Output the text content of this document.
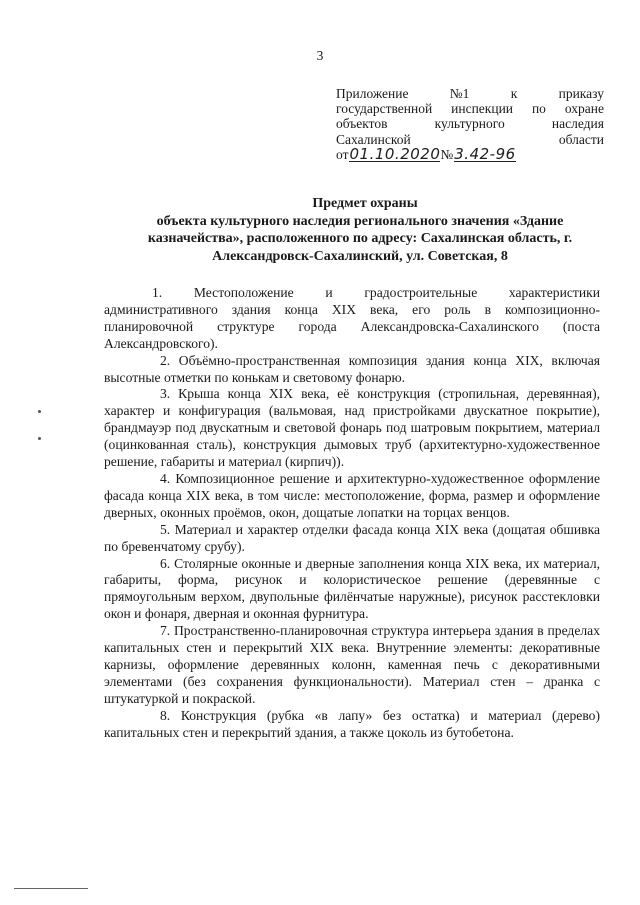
3
Приложение	№1	к	приказу
государственной инспекции по охране
объектов	культурного	наследия
Сахалинской	области
от 01.10.2020 № 3.42-96
Предмет охраны
объекта культурного наследия регионального значения «Здание
казначейства», расположенного по адресу: Сахалинская область, г.
Александровск-Сахалинский, ул. Советская, 8

1. Местоположение и градостроительные характеристики административного здания конца XIX века, его роль в композиционно-планировочной структуре города Александровска-Сахалинского (поста Александровского).

2. Объёмно-пространственная композиция здания конца XIX, включая высотные отметки по конькам и световому фонарю.

3. Крыша конца XIX века, её конструкция (стропильная, деревянная), характер и конфигурация (вальмовая, над пристройками двускатное покрытие), брандмауэр под двускатным и световой фонарь под шатровым покрытием, материал (оцинкованная сталь), конструкция дымовых труб (архитектурно-художественное решение, габариты и материал (кирпич)).

4. Композиционное решение и архитектурно-художественное оформление фасада конца XIX века, в том числе: местоположение, форма, размер и оформление дверных, оконных проёмов, окон, дощатые лопатки на торцах венцов.

5. Материал и характер отделки фасада конца XIX века (дощатая обшивка по бревенчатому срубу).

6. Столярные оконные и дверные заполнения конца XIX века, их материал, габариты, форма, рисунок и колористическое решение (деревянные с прямоугольным верхом, двупольные филёнчатые наружные), рисунок расстекловки окон и фонаря, дверная и оконная фурнитура.

7. Пространственно-планировочная структура интерьера здания в пределах капитальных стен и перекрытий XIX века. Внутренние элементы: декоративные карнизы, оформление деревянных колонн, каменная печь с декоративными элементами (без сохранения функциональности). Материал стен – дранка с штукатуркой и покраской.

8. Конструкция (рубка «в лапу» без остатка) и материал (дерево) капитальных стен и перекрытий здания, а также цоколь из бутобетона.
